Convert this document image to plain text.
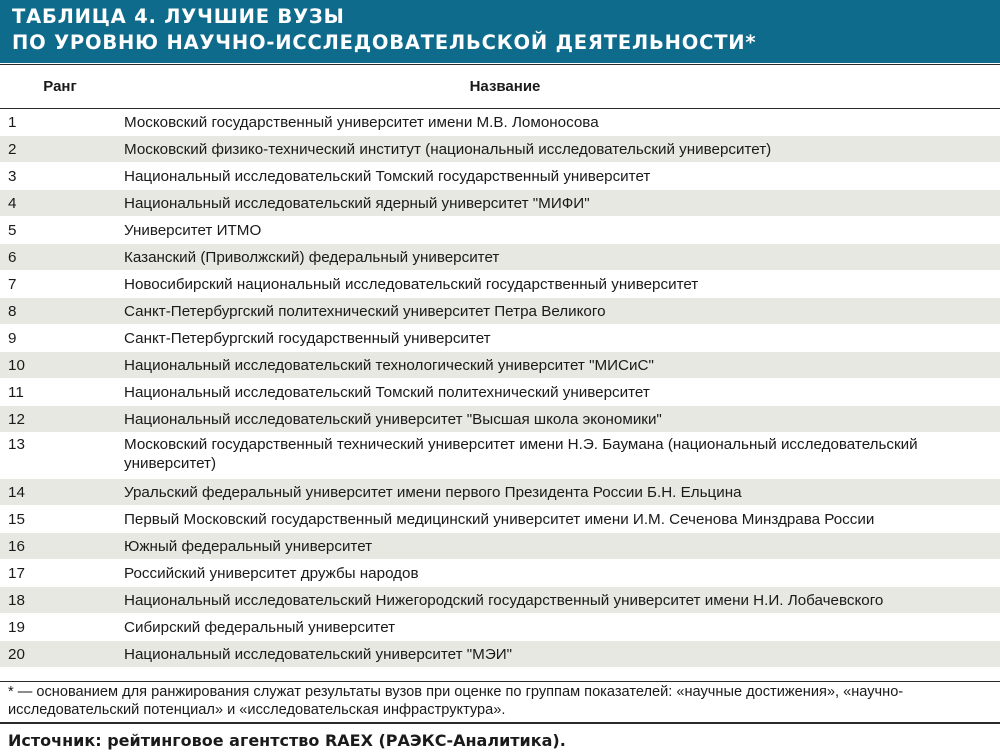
ТАБЛИЦА 4. ЛУЧШИЕ ВУЗЫ
ПО УРОВНЮ НАУЧНО-ИССЛЕДОВАТЕЛЬСКОЙ ДЕЯТЕЛЬНОСТИ*
Ранг	Название
1	Московский государственный университет имени М.В. Ломоносова
2	Московский физико-технический институт (национальный исследовательский университет)
3	Национальный исследовательский Томский государственный университет
4	Национальный исследовательский ядерный университет "МИФИ"
5	Университет ИТМО
6	Казанский (Приволжский) федеральный университет
7	Новосибирский национальный исследовательский государственный университет
8	Санкт-Петербургский политехнический университет Петра Великого
9	Санкт-Петербургский государственный университет
10	Национальный исследовательский технологический университет "МИСиС"
11	Национальный исследовательский Томский политехнический университет
12	Национальный исследовательский университет "Высшая школа экономики"
13	Московский государственный технический университет имени Н.Э. Баумана (национальный исследовательский университет)
14	Уральский федеральный университет имени первого Президента России Б.Н. Ельцина
15	Первый Московский государственный медицинский университет имени И.М. Сеченова Минздрава России
16	Южный федеральный университет
17	Российский университет дружбы народов
18	Национальный исследовательский Нижегородский государственный университет имени Н.И. Лобачевского
19	Сибирский федеральный университет
20	Национальный исследовательский университет "МЭИ"
* — основанием для ранжирования служат результаты вузов при оценке по группам показателей: «научные достижения», «научно-исследовательский потенциал» и «исследовательская инфраструктура».
Источник: рейтинговое агентство RAEX (РАЭКС-Аналитика).
